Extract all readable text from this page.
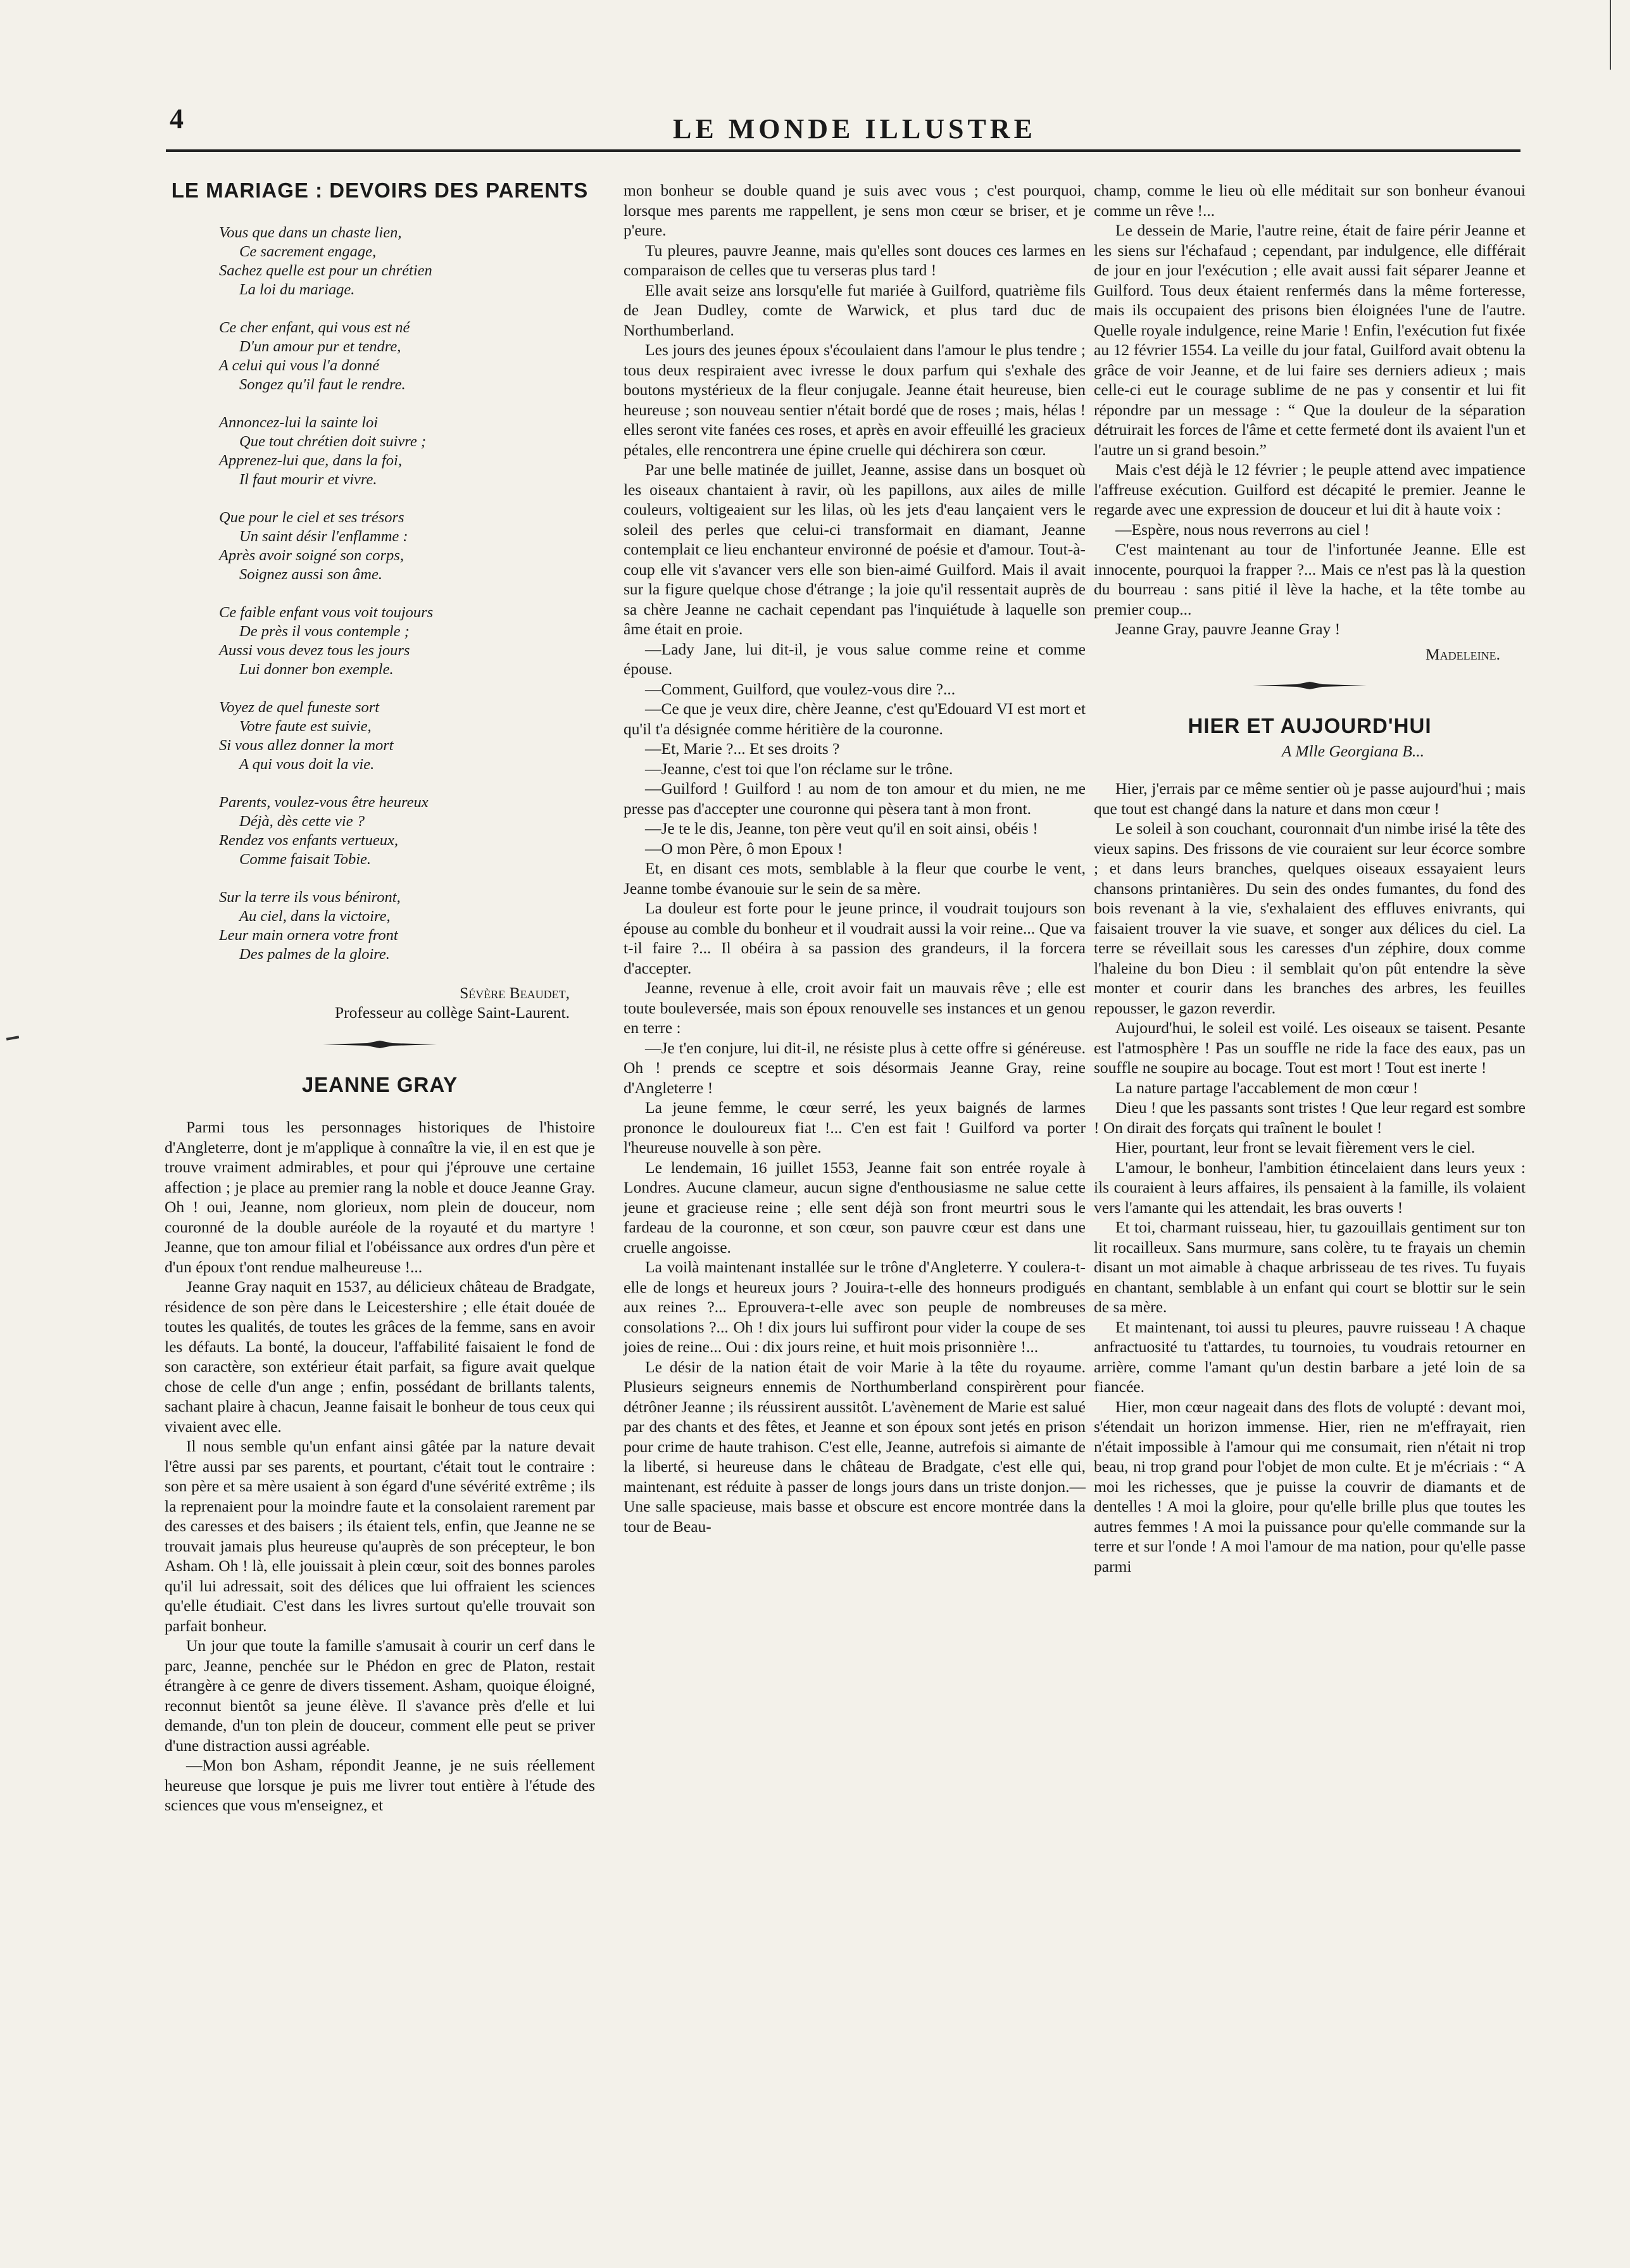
4	LE MONDE ILLUSTRE
LE MARIAGE : DEVOIRS DES PARENTS
Vous que dans un chaste lien,
Ce sacrement engage,
Sachez quelle est pour un chrétien
La loi du mariage.
Ce cher enfant, qui vous est né
D'un amour pur et tendre,
A celui qui vous l'a donné
Songez qu'il faut le rendre.
Annoncez-lui la sainte loi
Que tout chrétien doit suivre ;
Apprenez-lui que, dans la foi,
Il faut mourir et vivre.
Que pour le ciel et ses trésors
Un saint désir l'enflamme :
Après avoir soigné son corps,
Soignez aussi son âme.
Ce faible enfant vous voit toujours
De près il vous contemple ;
Aussi vous devez tous les jours
Lui donner bon exemple.
Voyez de quel funeste sort
Votre faute est suivie,
Si vous allez donner la mort
A qui vous doit la vie.
Parents, voulez-vous être heureux
Déjà, dès cette vie ?
Rendez vos enfants vertueux,
Comme faisait Tobie.
Sur la terre ils vous béniront,
Au ciel, dans la victoire,
Leur main ornera votre front
Des palmes de la gloire.
Sévère Beaudet,
Professeur au collège Saint-Laurent.
JEANNE GRAY

Parmi tous les personnages historiques de l'histoire d'Angleterre, dont je m'applique à connaître la vie, il en est que je trouve vraiment admirables, et pour qui j'éprouve une certaine affection ; je place au premier rang la noble et douce Jeanne Gray. Oh ! oui, Jeanne, nom glorieux, nom plein de douceur, nom couronné de la double auréole de la royauté et du martyre ! Jeanne, que ton amour filial et l'obéissance aux ordres d'un père et d'un époux t'ont rendue malheureuse !...

Jeanne Gray naquit en 1537, au délicieux château de Bradgate, résidence de son père dans le Leicestershire ; elle était douée de toutes les qualités, de toutes les grâces de la femme, sans en avoir les défauts. La bonté, la douceur, l'affabilité faisaient le fond de son caractère, son extérieur était parfait, sa figure avait quelque chose de celle d'un ange ; enfin, possédant de brillants talents, sachant plaire à chacun, Jeanne faisait le bonheur de tous ceux qui vivaient avec elle.

Il nous semble qu'un enfant ainsi gâtée par la nature devait l'être aussi par ses parents, et pourtant, c'était tout le contraire : son père et sa mère usaient à son égard d'une sévérité extrême ; ils la reprenaient pour la moindre faute et la consolaient rarement par des caresses et des baisers ; ils étaient tels, enfin, que Jeanne ne se trouvait jamais plus heureuse qu'auprès de son précepteur, le bon Asham. Oh ! là, elle jouissait à plein cœur, soit des bonnes paroles qu'il lui adressait, soit des délices que lui offraient les sciences qu'elle étudiait. C'est dans les livres surtout qu'elle trouvait son parfait bonheur.

Un jour que toute la famille s'amusait à courir un cerf dans le parc, Jeanne, penchée sur le Phédon en grec de Platon, restait étrangère à ce genre de divers tissement. Asham, quoique éloigné, reconnut bientôt sa jeune élève. Il s'avance près d'elle et lui demande, d'un ton plein de douceur, comment elle peut se priver d'une distraction aussi agréable.

—Mon bon Asham, répondit Jeanne, je ne suis réellement heureuse que lorsque je puis me livrer tout entière à l'étude des sciences que vous m'enseignez, et

mon bonheur se double quand je suis avec vous ; c'est pourquoi, lorsque mes parents me rappellent, je sens mon cœur se briser, et je p'eure.

Tu pleures, pauvre Jeanne, mais qu'elles sont douces ces larmes en comparaison de celles que tu verseras plus tard !

Elle avait seize ans lorsqu'elle fut mariée à Guilford, quatrième fils de Jean Dudley, comte de Warwick, et plus tard duc de Northumberland.

Les jours des jeunes époux s'écoulaient dans l'amour le plus tendre ; tous deux respiraient avec ivresse le doux parfum qui s'exhale des boutons mystérieux de la fleur conjugale. Jeanne était heureuse, bien heureuse ; son nouveau sentier n'était bordé que de roses ; mais, hélas ! elles seront vite fanées ces roses, et après en avoir effeuillé les gracieux pétales, elle rencontrera une épine cruelle qui déchirera son cœur.

Par une belle matinée de juillet, Jeanne, assise dans un bosquet où les oiseaux chantaient à ravir, où les papillons, aux ailes de mille couleurs, voltigeaient sur les lilas, où les jets d'eau lançaient vers le soleil des perles que celui-ci transformait en diamant, Jeanne contemplait ce lieu enchanteur environné de poésie et d'amour. Tout-à-coup elle vit s'avancer vers elle son bien-aimé Guilford. Mais il avait sur la figure quelque chose d'étrange ; la joie qu'il ressentait auprès de sa chère Jeanne ne cachait cependant pas l'inquiétude à laquelle son âme était en proie.

—Lady Jane, lui dit-il, je vous salue comme reine et comme épouse.

—Comment, Guilford, que voulez-vous dire ?...

—Ce que je veux dire, chère Jeanne, c'est qu'Edouard VI est mort et qu'il t'a désignée comme héritière de la couronne.

—Et, Marie ?... Et ses droits ?

—Jeanne, c'est toi que l'on réclame sur le trône.

—Guilford ! Guilford ! au nom de ton amour et du mien, ne me presse pas d'accepter une couronne qui pèsera tant à mon front.

—Je te le dis, Jeanne, ton père veut qu'il en soit ainsi, obéis !

—O mon Père, ô mon Epoux !

Et, en disant ces mots, semblable à la fleur que courbe le vent, Jeanne tombe évanouie sur le sein de sa mère.

La douleur est forte pour le jeune prince, il voudrait toujours son épouse au comble du bonheur et il voudrait aussi la voir reine... Que va t-il faire ?... Il obéira à sa passion des grandeurs, il la forcera d'accepter.

Jeanne, revenue à elle, croit avoir fait un mauvais rêve ; elle est toute bouleversée, mais son époux renouvelle ses instances et un genou en terre :

—Je t'en conjure, lui dit-il, ne résiste plus à cette offre si généreuse. Oh ! prends ce sceptre et sois désormais Jeanne Gray, reine d'Angleterre !

La jeune femme, le cœur serré, les yeux baignés de larmes prononce le douloureux fiat !... C'en est fait ! Guilford va porter l'heureuse nouvelle à son père.

Le lendemain, 16 juillet 1553, Jeanne fait son entrée royale à Londres. Aucune clameur, aucun signe d'enthousiasme ne salue cette jeune et gracieuse reine ; elle sent déjà son front meurtri sous le fardeau de la couronne, et son cœur, son pauvre cœur est dans une cruelle angoisse.

La voilà maintenant installée sur le trône d'Angleterre. Y coulera-t-elle de longs et heureux jours ? Jouira-t-elle des honneurs prodigués aux reines ?... Eprouvera-t-elle avec son peuple de nombreuses consolations ?... Oh ! dix jours lui suffiront pour vider la coupe de ses joies de reine... Oui : dix jours reine, et huit mois prisonnière !...

Le désir de la nation était de voir Marie à la tête du royaume. Plusieurs seigneurs ennemis de Northumberland conspirèrent pour détrôner Jeanne ; ils réussirent aussitôt. L'avènement de Marie est salué par des chants et des fêtes, et Jeanne et son époux sont jetés en prison pour crime de haute trahison. C'est elle, Jeanne, autrefois si aimante de la liberté, si heureuse dans le château de Bradgate, c'est elle qui, maintenant, est réduite à passer de longs jours dans un triste donjon.—Une salle spacieuse, mais basse et obscure est encore montrée dans la tour de Beau-

champ, comme le lieu où elle méditait sur son bonheur évanoui comme un rêve !...

Le dessein de Marie, l'autre reine, était de faire périr Jeanne et les siens sur l'échafaud ; cependant, par indulgence, elle différait de jour en jour l'exécution ; elle avait aussi fait séparer Jeanne et Guilford. Tous deux étaient renfermés dans la même forteresse, mais ils occupaient des prisons bien éloignées l'une de l'autre. Quelle royale indulgence, reine Marie ! Enfin, l'exécution fut fixée au 12 février 1554. La veille du jour fatal, Guilford avait obtenu la grâce de voir Jeanne, et de lui faire ses derniers adieux ; mais celle-ci eut le courage sublime de ne pas y consentir et lui fit répondre par un message : “ Que la douleur de la séparation détruirait les forces de l'âme et cette fermeté dont ils avaient l'un et l'autre un si grand besoin.”

Mais c'est déjà le 12 février ; le peuple attend avec impatience l'affreuse exécution. Guilford est décapité le premier. Jeanne le regarde avec une expression de douceur et lui dit à haute voix :

—Espère, nous nous reverrons au ciel !

C'est maintenant au tour de l'infortunée Jeanne. Elle est innocente, pourquoi la frapper ?... Mais ce n'est pas là la question du bourreau : sans pitié il lève la hache, et la tête tombe au premier coup...

Jeanne Gray, pauvre Jeanne Gray !

Madeleine.
HIER ET AUJOURD'HUI
A Mlle Georgiana B...

Hier, j'errais par ce même sentier où je passe aujourd'hui ; mais que tout est changé dans la nature et dans mon cœur !

Le soleil à son couchant, couronnait d'un nimbe irisé la tête des vieux sapins. Des frissons de vie couraient sur leur écorce sombre ; et dans leurs branches, quelques oiseaux essayaient leurs chansons printanières. Du sein des ondes fumantes, du fond des bois revenant à la vie, s'exhalaient des effluves enivrants, qui faisaient trouver la vie suave, et songer aux délices du ciel. La terre se réveillait sous les caresses d'un zéphire, doux comme l'haleine du bon Dieu : il semblait qu'on pût entendre la sève monter et courir dans les branches des arbres, les feuilles repousser, le gazon reverdir.

Aujourd'hui, le soleil est voilé. Les oiseaux se taisent. Pesante est l'atmosphère ! Pas un souffle ne ride la face des eaux, pas un souffle ne soupire au bocage. Tout est mort ! Tout est inerte !

La nature partage l'accablement de mon cœur !

Dieu ! que les passants sont tristes ! Que leur regard est sombre ! On dirait des forçats qui traînent le boulet !

Hier, pourtant, leur front se levait fièrement vers le ciel.

L'amour, le bonheur, l'ambition étincelaient dans leurs yeux : ils couraient à leurs affaires, ils pensaient à la famille, ils volaient vers l'amante qui les attendait, les bras ouverts !

Et toi, charmant ruisseau, hier, tu gazouillais gentiment sur ton lit rocailleux. Sans murmure, sans colère, tu te frayais un chemin disant un mot aimable à chaque arbrisseau de tes rives. Tu fuyais en chantant, semblable à un enfant qui court se blottir sur le sein de sa mère.

Et maintenant, toi aussi tu pleures, pauvre ruisseau ! A chaque anfractuosité tu t'attardes, tu tournoies, tu voudrais retourner en arrière, comme l'amant qu'un destin barbare a jeté loin de sa fiancée.

Hier, mon cœur nageait dans des flots de volupté : devant moi, s'étendait un horizon immense. Hier, rien ne m'effrayait, rien n'était impossible à l'amour qui me consumait, rien n'était ni trop beau, ni trop grand pour l'objet de mon culte. Et je m'écriais : “ A moi les richesses, que je puisse la couvrir de diamants et de dentelles ! A moi la gloire, pour qu'elle brille plus que toutes les autres femmes ! A moi la puissance pour qu'elle commande sur la terre et sur l'onde ! A moi l'amour de ma nation, pour qu'elle passe parmi
